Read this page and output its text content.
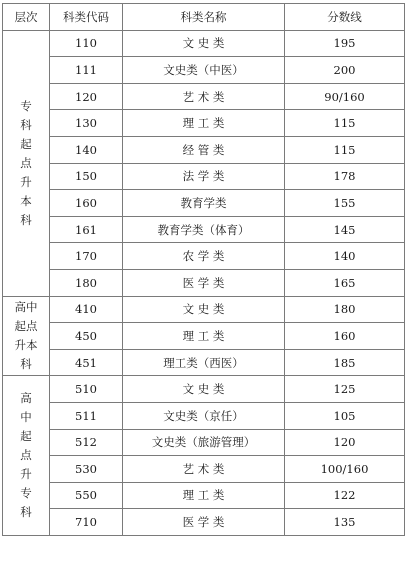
层次	科类代码	科类名称	分数线
专科起点升本科	110	文 史 类	195
	111	文史类（中医）	200
	120	艺 术 类	90/160
	130	理 工 类	115
	140	经 管 类	115
	150	法 学 类	178
	160	教育学类	155
	161	教育学类（体育）	145
	170	农 学 类	140
	180	医 学 类	165
高中起点升本科	410	文 史 类	180
	450	理 工 类	160
	451	理工类（西医）	185
高中起点升专科	510	文 史 类	125
	511	文史类（京任）	105
	512	文史类（旅游管理）	120
	530	艺 术 类	100/160
	550	理 工 类	122
	710	医 学 类	135
